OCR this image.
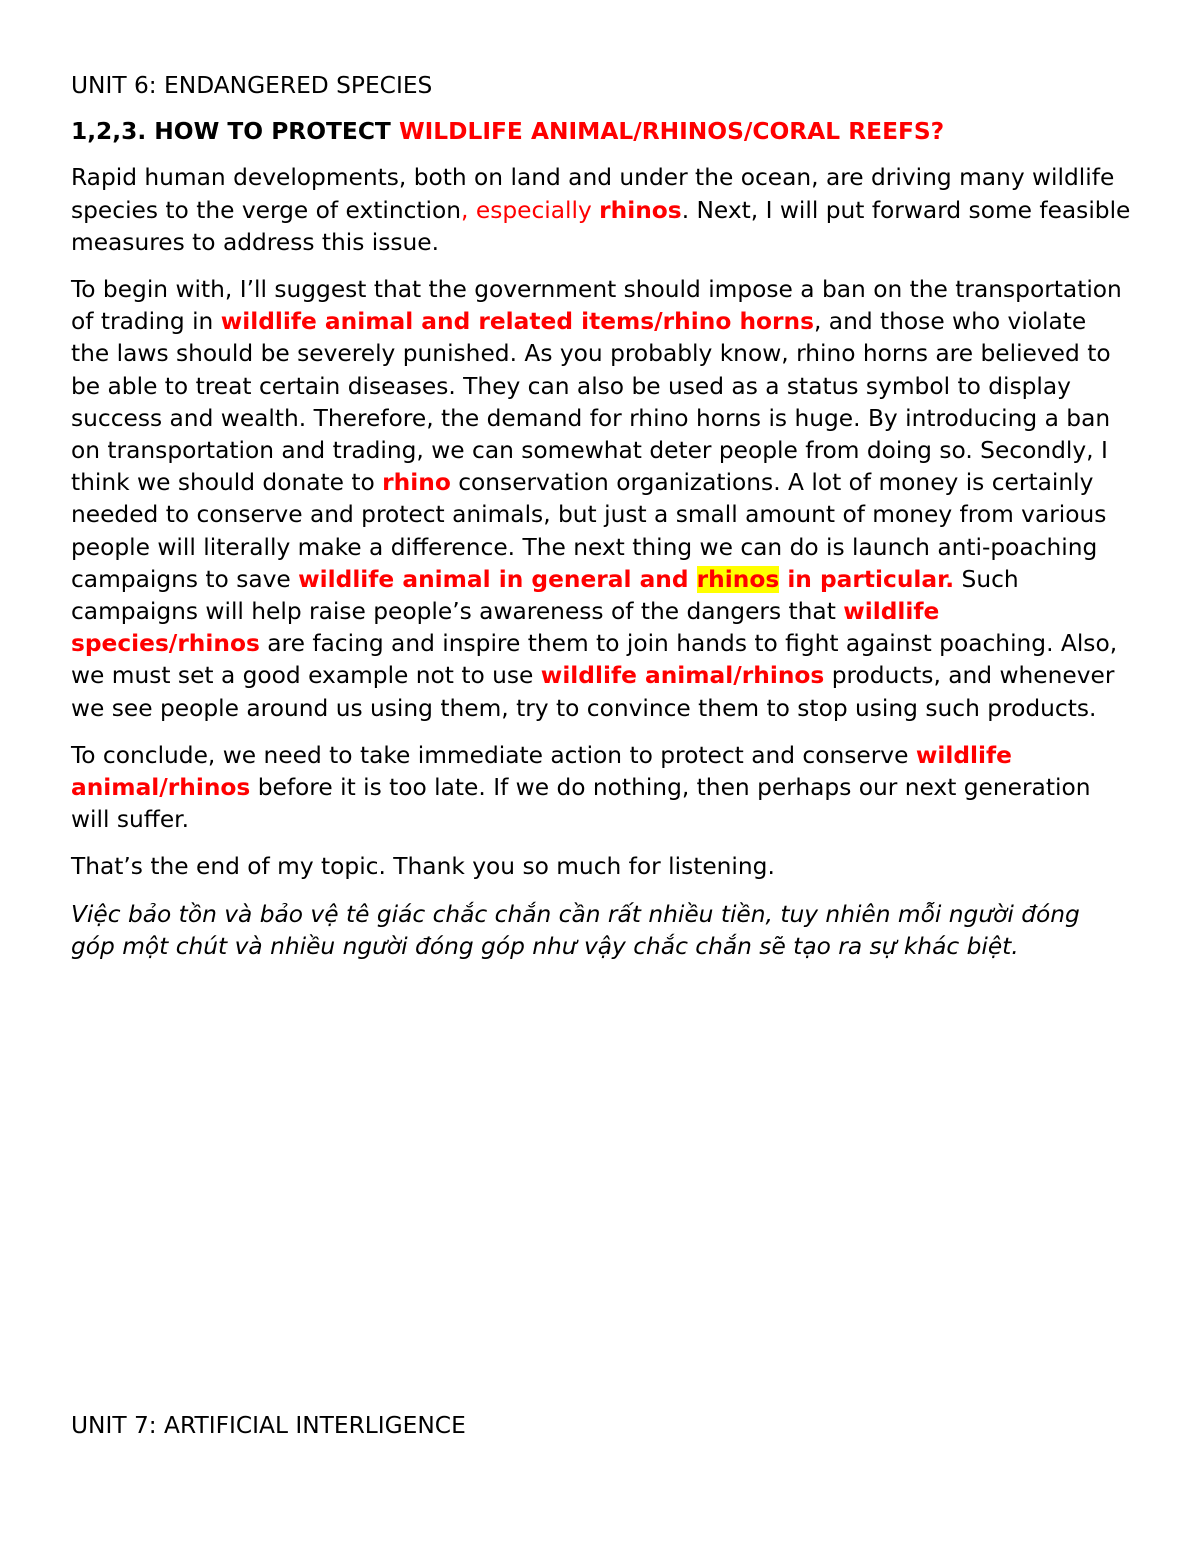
UNIT 6: ENDANGERED SPECIES

1,2,3. HOW TO PROTECT WILDLIFE ANIMAL/RHINOS/CORAL REEFS?

Rapid human developments, both on land and under the ocean, are driving many wildlife species to the verge of extinction, especially rhinos. Next, I will put forward some feasible measures to address this issue.

To begin with, I’ll suggest that the government should impose a ban on the transportation of trading in wildlife animal and related items/rhino horns, and those who violate the laws should be severely punished. As you probably know, rhino horns are believed to be able to treat certain diseases. They can also be used as a status symbol to display success and wealth. Therefore, the demand for rhino horns is huge. By introducing a ban on transportation and trading, we can somewhat deter people from doing so. Secondly, I think we should donate to rhino conservation organizations. A lot of money is certainly needed to conserve and protect animals, but just a small amount of money from various people will literally make a difference. The next thing we can do is launch anti-poaching campaigns to save wildlife animal in general and rhinos in particular. Such campaigns will help raise people’s awareness of the dangers that wildlife species/rhinos are facing and inspire them to join hands to fight against poaching. Also, we must set a good example not to use wildlife animal/rhinos products, and whenever we see people around us using them, try to convince them to stop using such products.

To conclude, we need to take immediate action to protect and conserve wildlife animal/rhinos before it is too late. If we do nothing, then perhaps our next generation will suffer.

That’s the end of my topic. Thank you so much for listening.

Việc bảo tồn và bảo vệ tê giác chắc chắn cần rất nhiều tiền, tuy nhiên mỗi người đóng góp một chút và nhiều người đóng góp như vậy chắc chắn sẽ tạo ra sự khác biệt.

UNIT 7: ARTIFICIAL INTERLIGENCE
